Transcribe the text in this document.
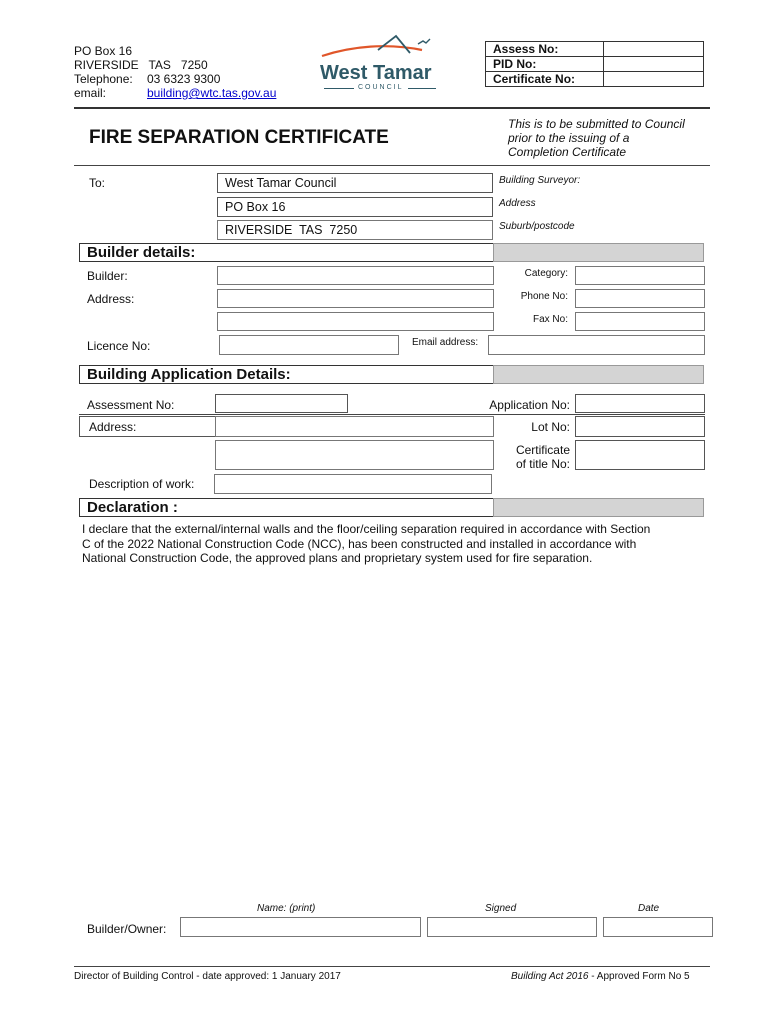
PO Box 16
RIVERSIDE   TAS   7250
Telephone: 03 6323 9300
email:	building@wtc.tas.gov.au
West Tamar
COUNCIL
Assess No:
PID No:
Certificate No:
FIRE SEPARATION CERTIFICATE
This is to be submitted to Council
prior to the issuing of a
Completion Certificate
To:	West Tamar Council
PO Box 16
RIVERSIDE  TAS  7250
Building Surveyor:
Address
Suburb/postcode
Builder details:
Builder:	Category:
Address:	Phone No:
Fax No:
Licence No:	Email address:
Building Application Details:
Assessment No:	Application No:
Address:	Lot No:
Certificate
of title No:
Description of work:
Declaration :
I declare that the external/internal walls and the floor/ceiling separation required in accordance with Section
C of the 2022 National Construction Code (NCC), has been constructed and installed in accordance with
National Construction Code, the approved plans and proprietary system used for fire separation.
Name: (print)	Signed	Date
Builder/Owner:
Director of Building Control - date approved: 1 January 2017	Building Act 2016 - Approved Form No 5
